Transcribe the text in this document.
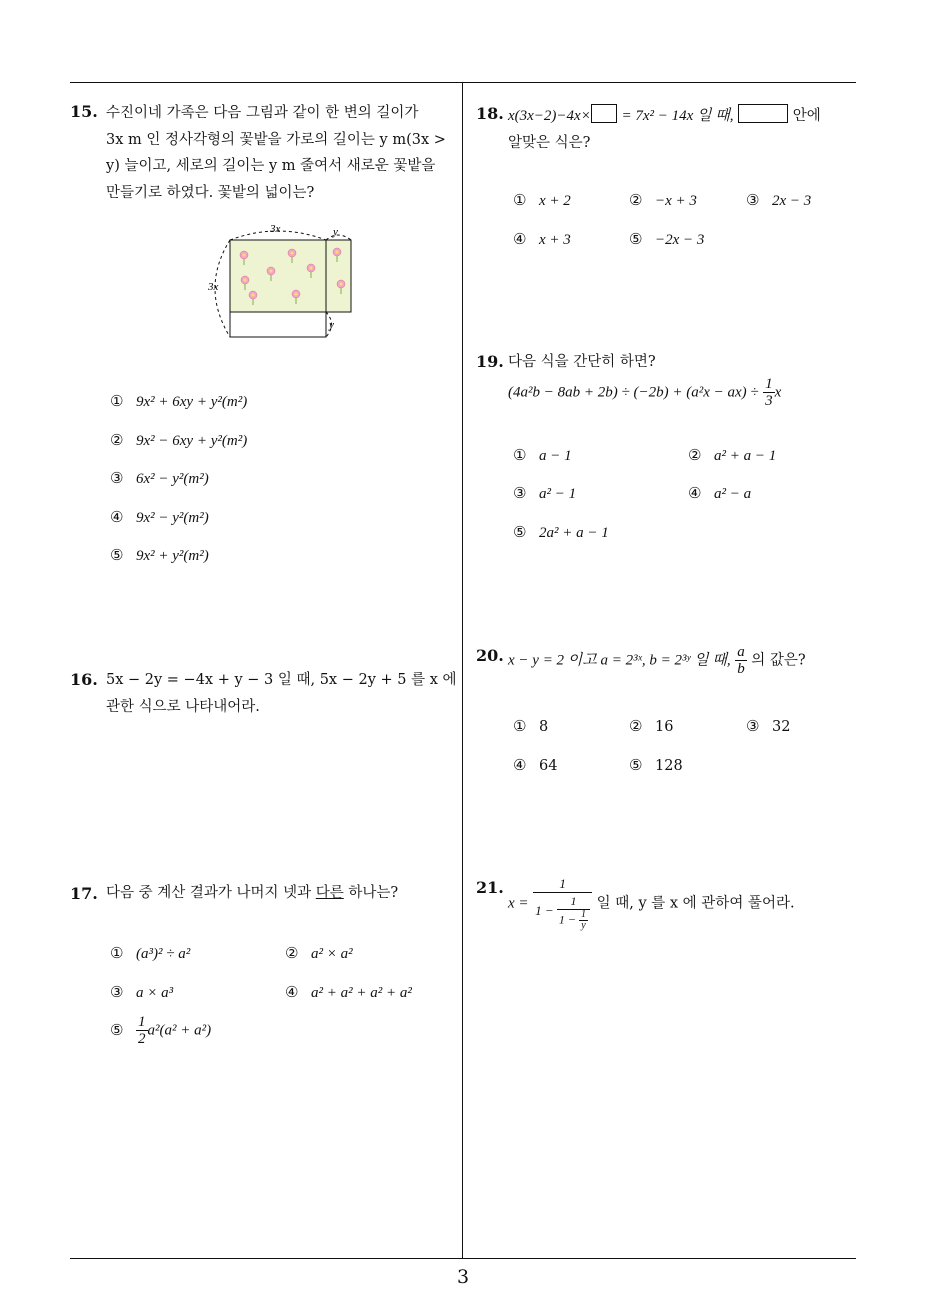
3
15. 수진이네 가족은 다음 그림과 같이 한 변의 길이가
3x m 인 정사각형의 꽃밭을 가로의 길이는 y m(3x >
y) 늘이고, 세로의 길이는 y m 줄여서 새로운 꽃밭을
만들기로 하였다. 꽃밭의 넓이는?
3x	y
3x
y
① 9x² + 6xy + y²(m²)
② 9x² − 6xy + y²(m²)
③ 6x² − y²(m²)
④ 9x² − y²(m²)
⑤ 9x² + y²(m²)
16. 5x − 2y = −4x + y − 3 일 때, 5x − 2y + 5 를 x 에
관한 식으로 나타내어라.
17. 다음 중 계산 결과가 나머지 넷과 다른 하나는?
① (a³)² ÷ a²	② a² × a²
③ a × a³	④ a² + a² + a² + a²
⑤ $\frac{1}{2} a^2(a^2 + a^2)$
18. x(3x−2)−4x× = 7x² − 14x 일 때,	안에
알맞은 식은?
① x + 2	② −x + 3	③ 2x − 3
④ x + 3	⑤ −2x − 3
19. 다음 식을 간단히 하면?
$(4a^2b - 8ab + 2b) \div (-2b) + (a^2x - ax) \div \frac{1}{3}$ x
① a − 1	② a² + a − 1
③ a² − 1	④ a² − a
⑤ 2a² + a − 1
20. x − y = 2 이고 a = 2³ˣ, b = 2³ʸ 일 때, $\frac{a}{b}$ 의 값은?
① 8	② 16	③ 32
④ 64	⑤ 128
21.
x =
1
$1 - \frac{1}{1 - \frac{1}{y}}$ 일 때, y 를 x 에 관하여 풀어라.
